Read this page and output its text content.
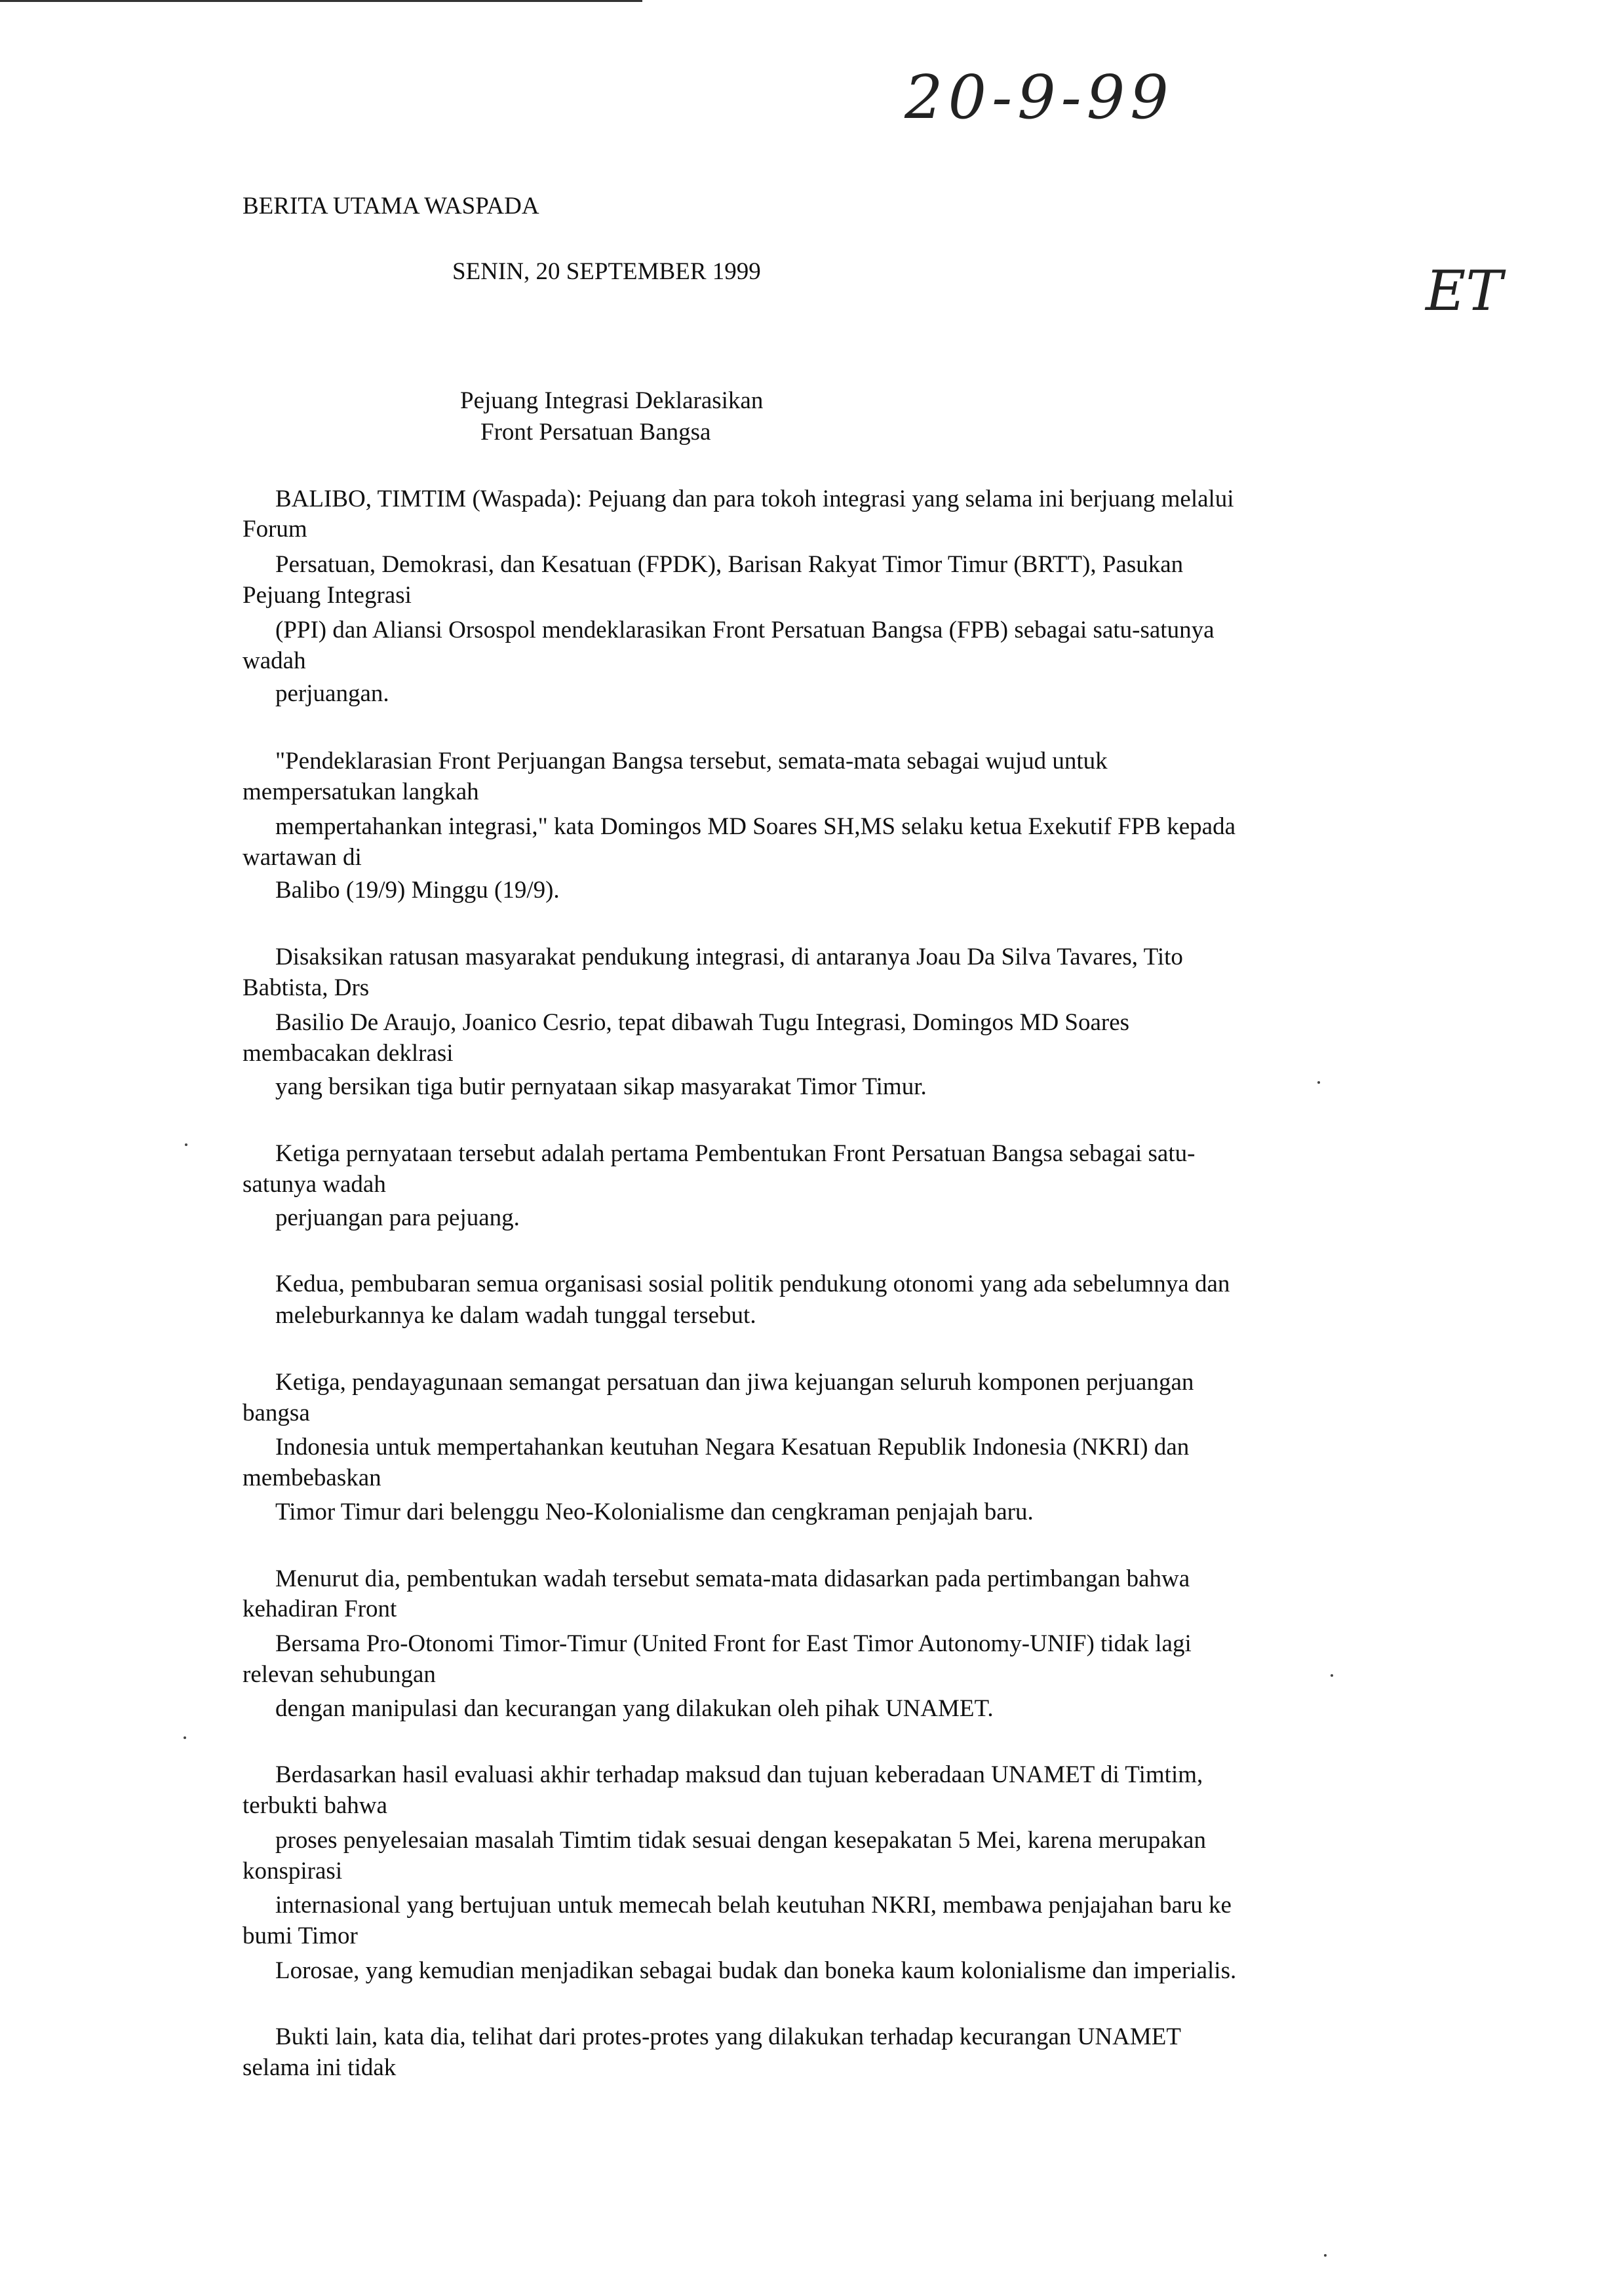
20-9-99
ET
BERITA UTAMA WASPADA
SENIN, 20 SEPTEMBER 1999
Pejuang Integrasi Deklarasikan
Front Persatuan Bangsa
BALIBO, TIMTIM (Waspada): Pejuang dan para tokoh integrasi yang selama ini berjuang melalui
Forum
Persatuan, Demokrasi, dan Kesatuan (FPDK), Barisan Rakyat Timor Timur (BRTT), Pasukan
Pejuang Integrasi
(PPI) dan Aliansi Orsospol mendeklarasikan Front Persatuan Bangsa (FPB) sebagai satu-satunya
wadah
perjuangan.
"Pendeklarasian Front Perjuangan Bangsa tersebut, semata-mata sebagai wujud untuk
mempersatukan langkah
mempertahankan integrasi," kata Domingos MD Soares SH,MS selaku ketua Exekutif FPB kepada
wartawan di
Balibo (19/9) Minggu (19/9).
Disaksikan ratusan masyarakat pendukung integrasi, di antaranya Joau Da Silva Tavares, Tito
Babtista, Drs
Basilio De Araujo, Joanico Cesrio, tepat dibawah Tugu Integrasi, Domingos MD Soares
membacakan deklrasi
yang bersikan tiga butir pernyataan sikap masyarakat Timor Timur.
Ketiga pernyataan tersebut adalah pertama Pembentukan Front Persatuan Bangsa sebagai satu-
satunya wadah
perjuangan para pejuang.
Kedua, pembubaran semua organisasi sosial politik pendukung otonomi yang ada sebelumnya dan
meleburkannya ke dalam wadah tunggal tersebut.
Ketiga, pendayagunaan semangat persatuan dan jiwa kejuangan seluruh komponen perjuangan
bangsa
Indonesia untuk mempertahankan keutuhan Negara Kesatuan Republik Indonesia (NKRI) dan
membebaskan
Timor Timur dari belenggu Neo-Kolonialisme dan cengkraman penjajah baru.
Menurut dia, pembentukan wadah tersebut semata-mata didasarkan pada pertimbangan bahwa
kehadiran Front
Bersama Pro-Otonomi Timor-Timur (United Front for East Timor Autonomy-UNIF) tidak lagi
relevan sehubungan
dengan manipulasi dan kecurangan yang dilakukan oleh pihak UNAMET.
Berdasarkan hasil evaluasi akhir terhadap maksud dan tujuan keberadaan UNAMET di Timtim,
terbukti bahwa
proses penyelesaian masalah Timtim tidak sesuai dengan kesepakatan 5 Mei, karena merupakan
konspirasi
internasional yang bertujuan untuk memecah belah keutuhan NKRI, membawa penjajahan baru ke
bumi Timor
Lorosae, yang kemudian menjadikan sebagai budak dan boneka kaum kolonialisme dan imperialis.
Bukti lain, kata dia, telihat dari protes-protes yang dilakukan terhadap kecurangan UNAMET
selama ini tidak
